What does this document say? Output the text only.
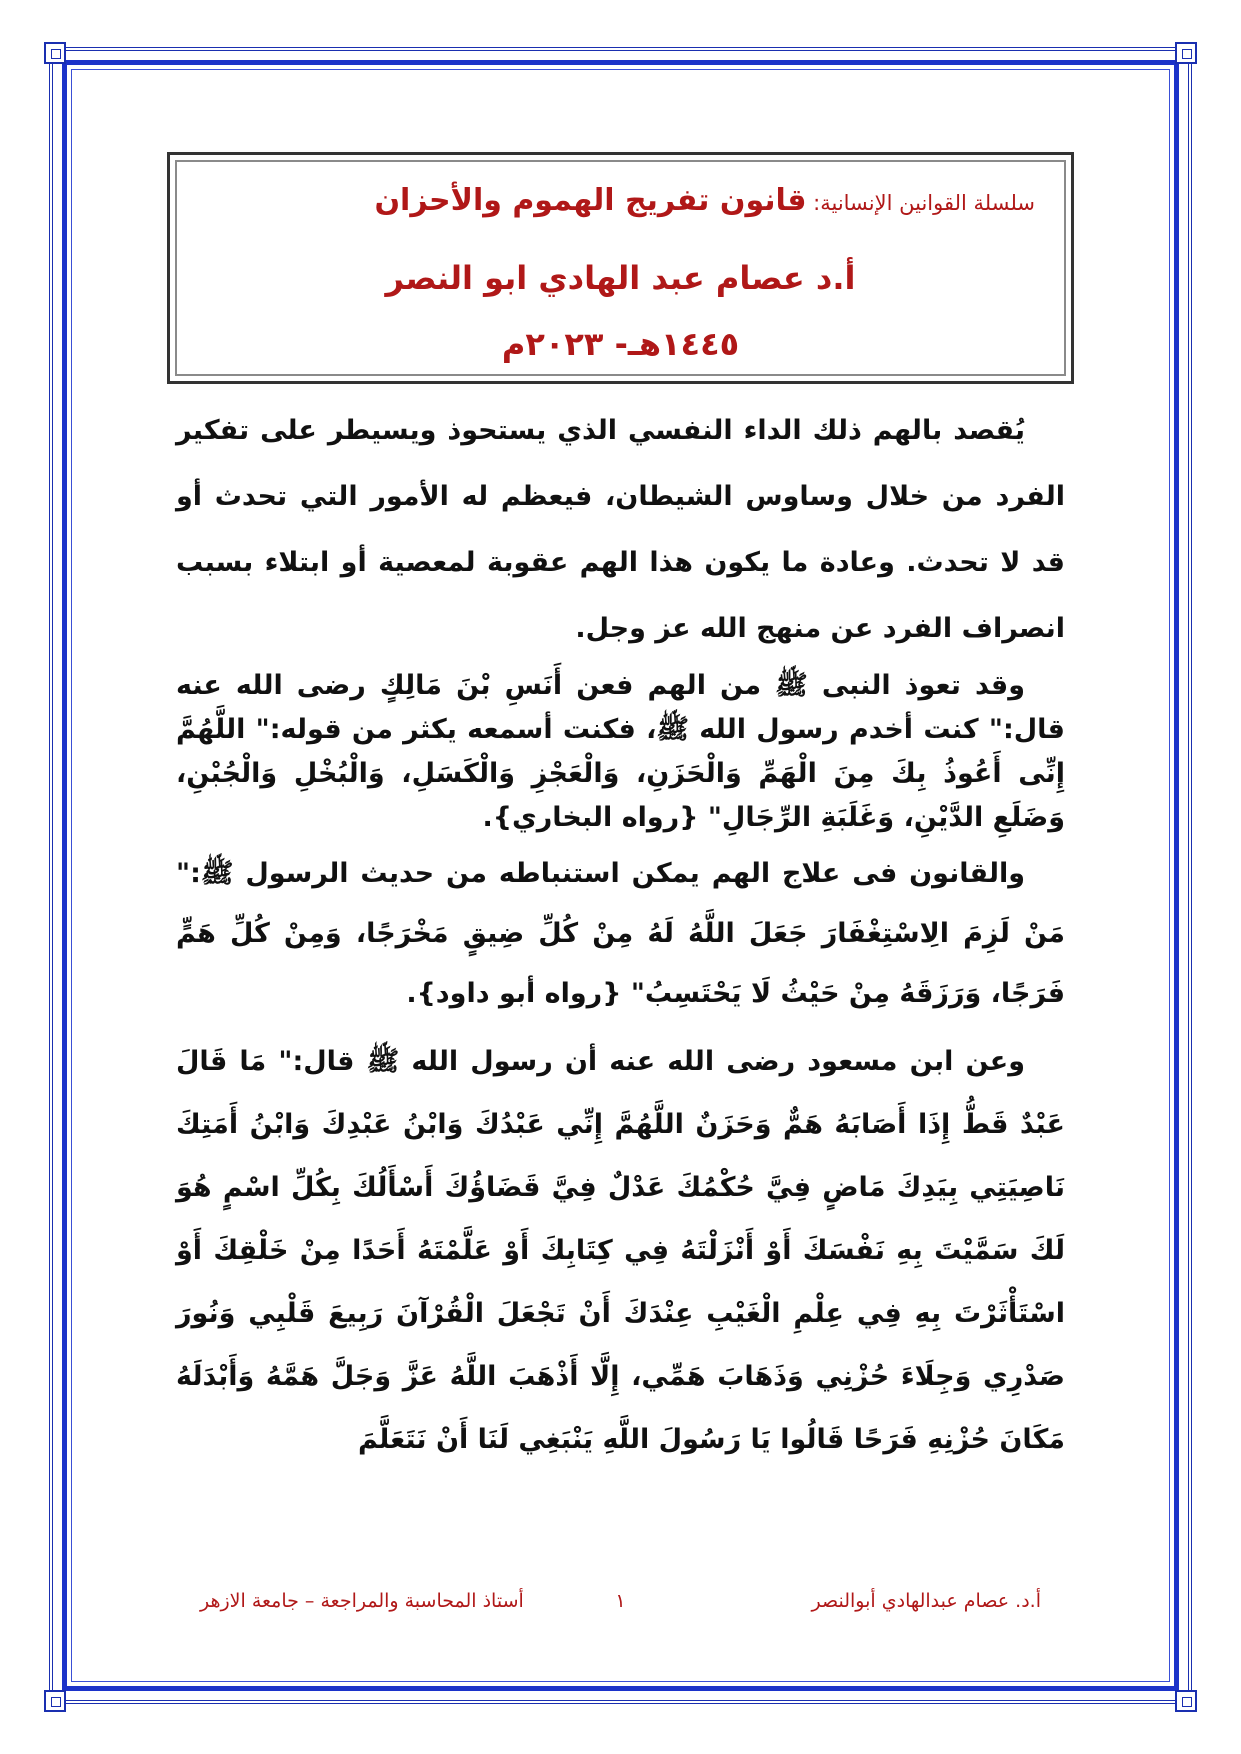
سلسلة القوانين الإنسانية: قانون تفريج الهموم والأحزان
أ.د عصام عبد الهادي ابو النصر
١٤٤٥هـ- ٢٠٢٣م

يُقصد بالهم ذلك الداء النفسي الذي يستحوذ ويسيطر على تفكير الفرد من خلال وساوس الشيطان، فيعظم له الأمور التي تحدث أو قد لا تحدث. وعادة ما يكون هذا الهم عقوبة لمعصية أو ابتلاء بسبب انصراف الفرد عن منهج الله عز وجل.

وقد تعوذ النبى ﷺ من الهم فعن أَنَسِ بْنَ مَالِكٍ رضى الله عنه قال:" كنت أخدم رسول الله ﷺ، فكنت أسمعه يكثر من قوله:" اللَّهُمَّ إِنِّى أَعُوذُ بِكَ مِنَ الْهَمِّ وَالْحَزَنِ، وَالْعَجْزِ وَالْكَسَلِ، وَالْبُخْلِ وَالْجُبْنِ، وَضَلَعِ الدَّيْنِ، وَغَلَبَةِ الرِّجَالِ" {رواه البخاري}.

والقانون فى علاج الهم يمكن استنباطه من حديث الرسول ﷺ:" مَنْ لَزِمَ الِاسْتِغْفَارَ جَعَلَ اللَّهُ لَهُ مِنْ كُلِّ ضِيقٍ مَخْرَجًا، وَمِنْ كُلِّ هَمٍّ فَرَجًا، وَرَزَقَهُ مِنْ حَيْثُ لَا يَحْتَسِبُ" {رواه أبو داود}.

وعن ابن مسعود رضى الله عنه أن رسول الله ﷺ قال:" مَا قَالَ عَبْدٌ قَطُّ إِذَا أَصَابَهُ هَمٌّ وَحَزَنٌ اللَّهُمَّ إِنِّي عَبْدُكَ وَابْنُ عَبْدِكَ وَابْنُ أَمَتِكَ نَاصِيَتِي بِيَدِكَ مَاضٍ فِيَّ حُكْمُكَ عَدْلٌ فِيَّ قَضَاؤُكَ أَسْأَلُكَ بِكُلِّ اسْمٍ هُوَ لَكَ سَمَّيْتَ بِهِ نَفْسَكَ أَوْ أَنْزَلْتَهُ فِي كِتَابِكَ أَوْ عَلَّمْتَهُ أَحَدًا مِنْ خَلْقِكَ أَوْ اسْتَأْثَرْتَ بِهِ فِي عِلْمِ الْغَيْبِ عِنْدَكَ أَنْ تَجْعَلَ الْقُرْآنَ رَبِيعَ قَلْبِي وَنُورَ صَدْرِي وَجِلَاءَ حُزْنِي وَذَهَابَ هَمِّي، إِلَّا أَذْهَبَ اللَّهُ عَزَّ وَجَلَّ هَمَّهُ وَأَبْدَلَهُ مَكَانَ حُزْنِهِ فَرَحًا قَالُوا يَا رَسُولَ اللَّهِ يَنْبَغِي لَنَا أَنْ نَتَعَلَّمَ

أ.د. عصام عبدالهادي أبوالنصر
١
أستاذ المحاسبة والمراجعة – جامعة الازهر
